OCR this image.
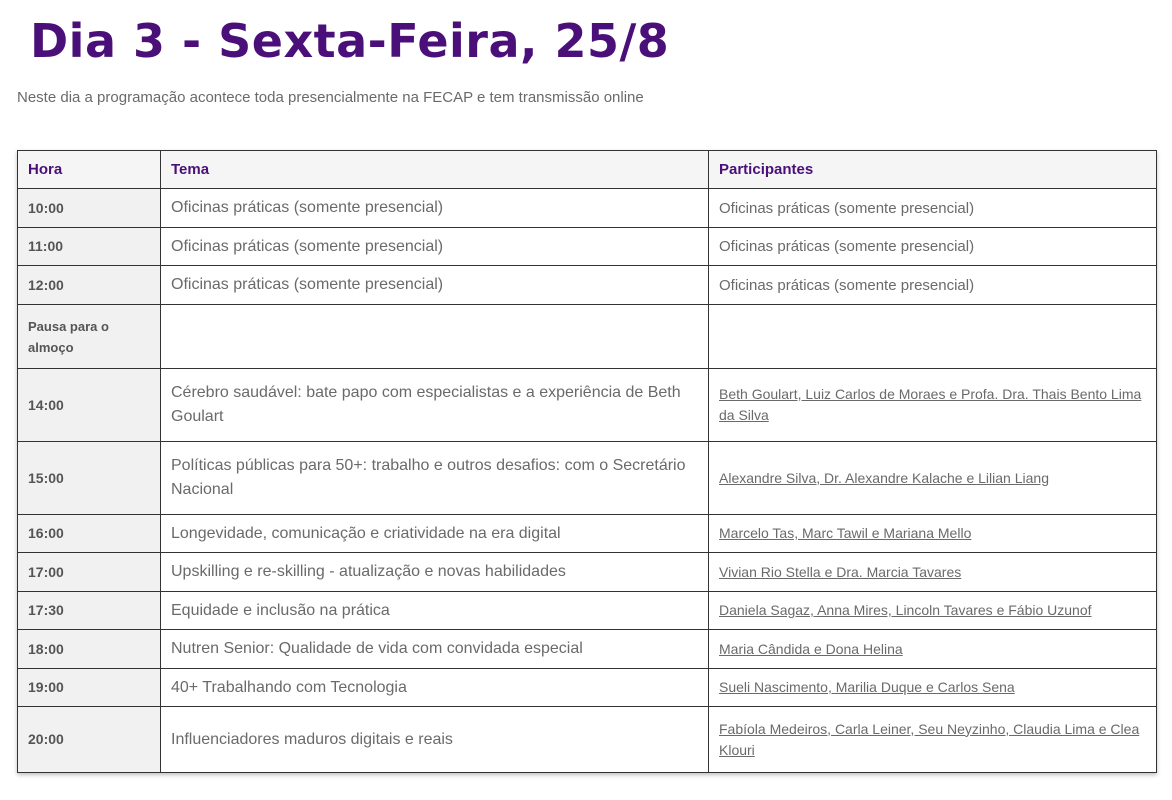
Dia 3 - Sexta-Feira, 25/8

Neste dia a programação acontece toda presencialmente na FECAP e tem transmissão online

Hora	Tema	Participantes
10:00	Oficinas práticas (somente presencial)	Oficinas práticas (somente presencial)
11:00	Oficinas práticas (somente presencial)	Oficinas práticas (somente presencial)
12:00	Oficinas práticas (somente presencial)	Oficinas práticas (somente presencial)
Pausa para o almoço		
14:00	Cérebro saudável: bate papo com especialistas e a experiência de Beth Goulart	Beth Goulart, Luiz Carlos de Moraes e Profa. Dra. Thais Bento Lima da Silva
15:00	Políticas públicas para 50+: trabalho e outros desafios: com o Secretário Nacional	Alexandre Silva, Dr. Alexandre Kalache e Lilian Liang
16:00	Longevidade, comunicação e criatividade na era digital	Marcelo Tas, Marc Tawil e Mariana Mello
17:00	Upskilling e re-skilling - atualização e novas habilidades	Vivian Rio Stella e Dra. Marcia Tavares
17:30	Equidade e inclusão na prática	Daniela Sagaz, Anna Mires, Lincoln Tavares e Fábio Uzunof
18:00	Nutren Senior: Qualidade de vida com convidada especial	Maria Cândida e Dona Helina
19:00	40+ Trabalhando com Tecnologia	Sueli Nascimento, Marilia Duque e Carlos Sena
20:00	Influenciadores maduros digitais e reais	Fabíola Medeiros, Carla Leiner, Seu Neyzinho, Claudia Lima e Clea Klouri
